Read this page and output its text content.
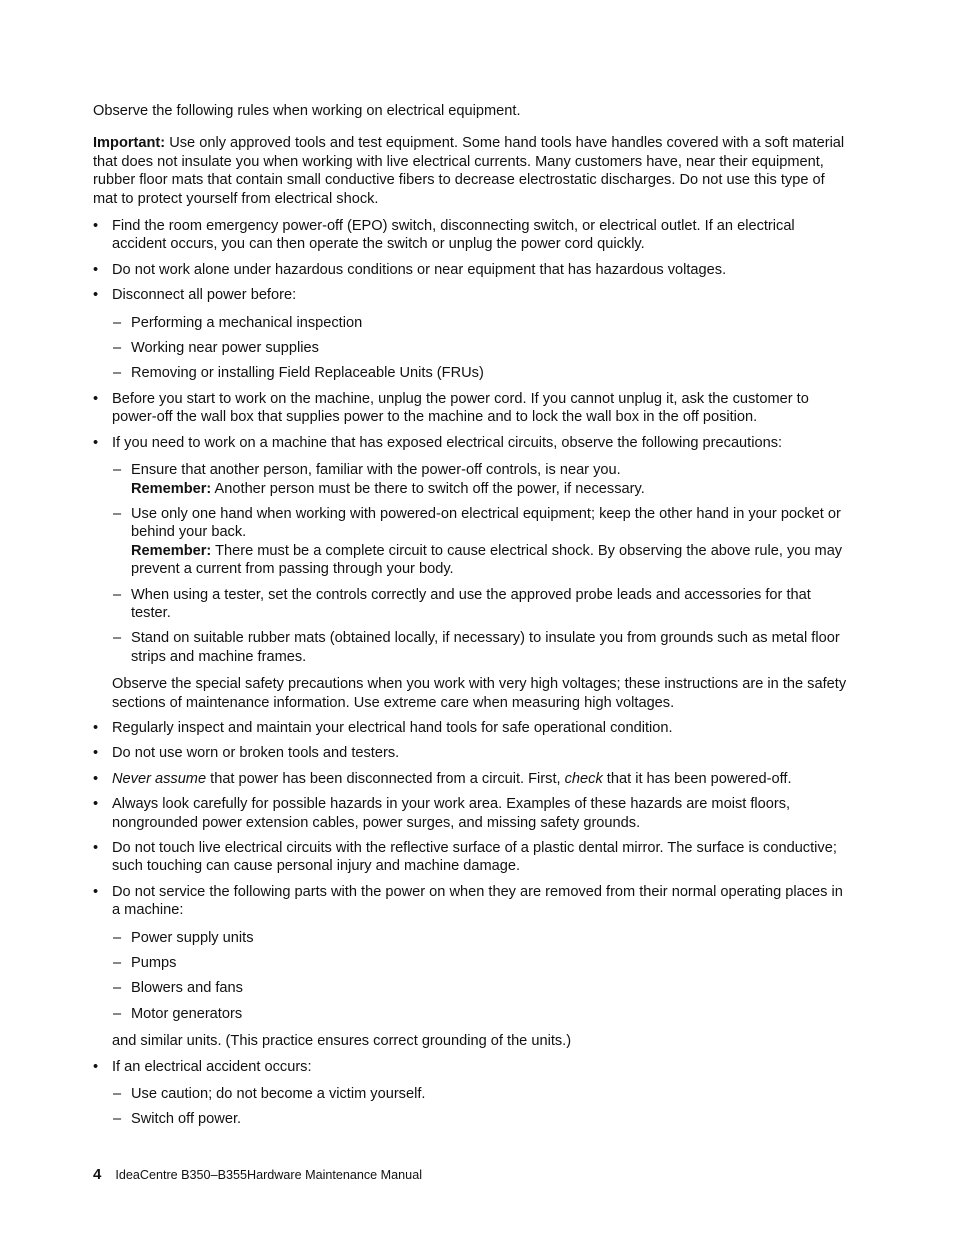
Observe the following rules when working on electrical equipment.

Important: Use only approved tools and test equipment. Some hand tools have handles covered with a soft material that does not insulate you when working with live electrical currents. Many customers have, near their equipment, rubber floor mats that contain small conductive fibers to decrease electrostatic discharges. Do not use this type of mat to protect yourself from electrical shock.

• Find the room emergency power-off (EPO) switch, disconnecting switch, or electrical outlet. If an electrical accident occurs, you can then operate the switch or unplug the power cord quickly.
• Do not work alone under hazardous conditions or near equipment that has hazardous voltages.
• Disconnect all power before:
– Performing a mechanical inspection
– Working near power supplies
– Removing or installing Field Replaceable Units (FRUs)
• Before you start to work on the machine, unplug the power cord. If you cannot unplug it, ask the customer to power-off the wall box that supplies power to the machine and to lock the wall box in the off position.
• If you need to work on a machine that has exposed electrical circuits, observe the following precautions:
– Ensure that another person, familiar with the power-off controls, is near you.
Remember: Another person must be there to switch off the power, if necessary.
– Use only one hand when working with powered-on electrical equipment; keep the other hand in your pocket or behind your back.
Remember: There must be a complete circuit to cause electrical shock. By observing the above rule, you may prevent a current from passing through your body.
– When using a tester, set the controls correctly and use the approved probe leads and accessories for that tester.
– Stand on suitable rubber mats (obtained locally, if necessary) to insulate you from grounds such as metal floor strips and machine frames.

Observe the special safety precautions when you work with very high voltages; these instructions are in the safety sections of maintenance information. Use extreme care when measuring high voltages.

• Regularly inspect and maintain your electrical hand tools for safe operational condition.
• Do not use worn or broken tools and testers.
• Never assume that power has been disconnected from a circuit. First, check that it has been powered-off.
• Always look carefully for possible hazards in your work area. Examples of these hazards are moist floors, nongrounded power extension cables, power surges, and missing safety grounds.
• Do not touch live electrical circuits with the reflective surface of a plastic dental mirror. The surface is conductive; such touching can cause personal injury and machine damage.
• Do not service the following parts with the power on when they are removed from their normal operating places in a machine:
– Power supply units
– Pumps
– Blowers and fans
– Motor generators

and similar units. (This practice ensures correct grounding of the units.)

• If an electrical accident occurs:
– Use caution; do not become a victim yourself.
– Switch off power.
4 IdeaCentre B350–B355Hardware Maintenance Manual
